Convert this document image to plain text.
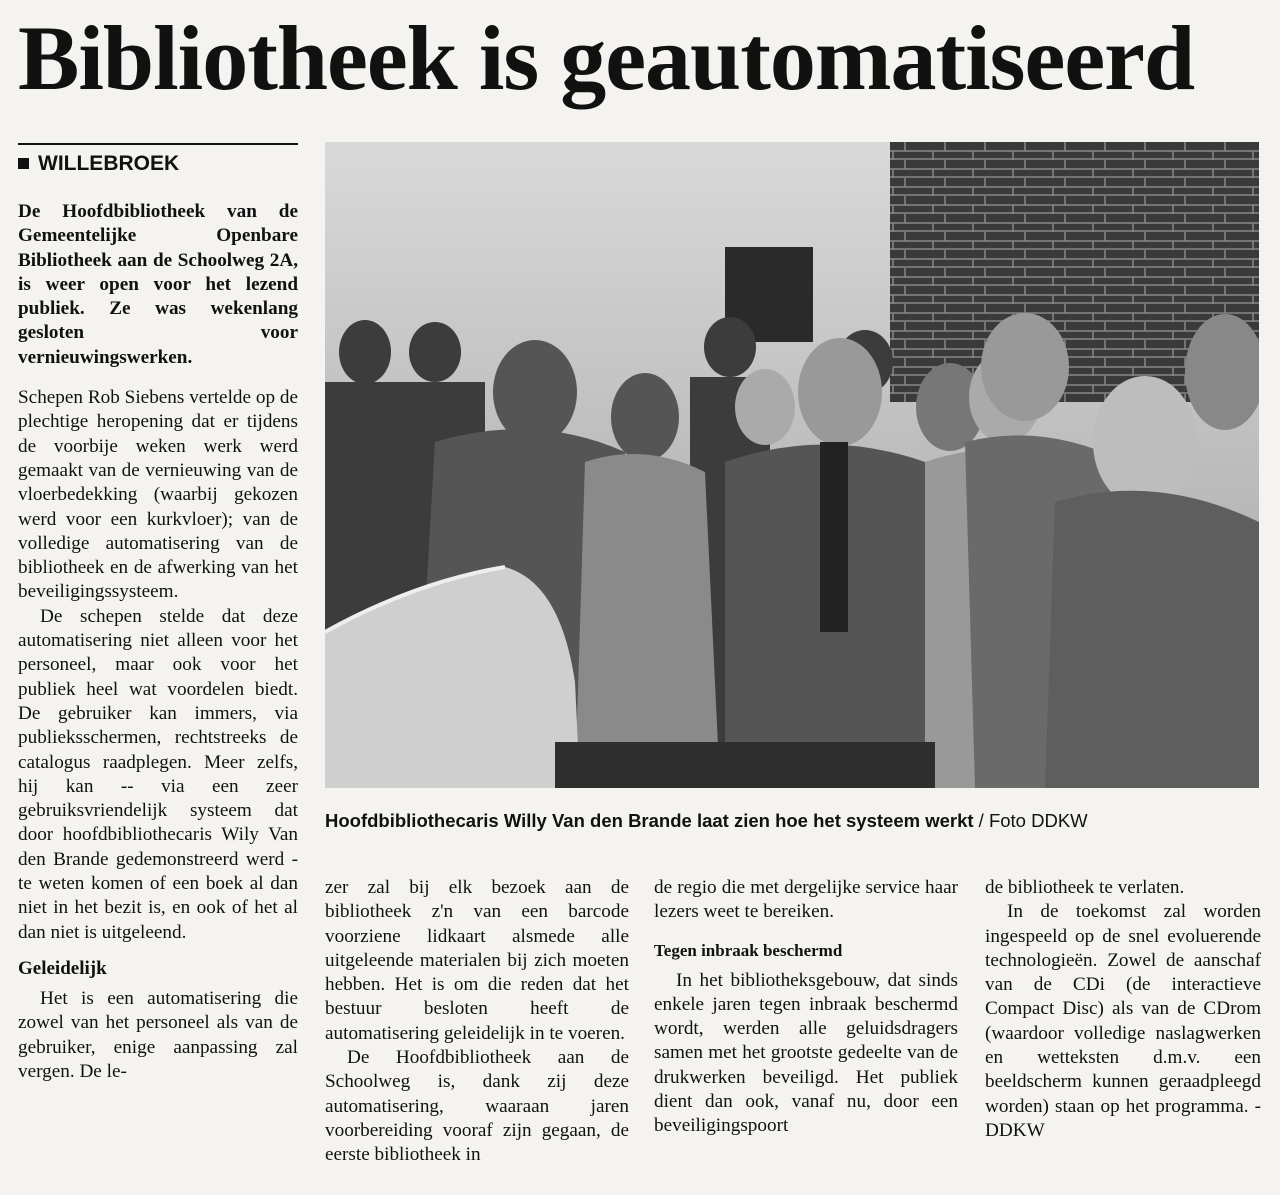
Bibliotheek is geautomatiseerd
WILLEBROEK

De Hoofdbibliotheek van de Gemeentelijke Openbare Bibliotheek aan de Schoolweg 2A, is weer open voor het lezend publiek. Ze was wekenlang gesloten voor vernieuwingswerken.

Schepen Rob Siebens vertelde op de plechtige heropening dat er tijdens de voorbije weken werk werd gemaakt van de vernieuwing van de vloerbedekking (waarbij gekozen werd voor een kurkvloer); van de volledige automatisering van de bibliotheek en de afwerking van het beveiligingssysteem.

De schepen stelde dat deze automatisering niet alleen voor het personeel, maar ook voor het publiek heel wat voordelen biedt. De gebruiker kan immers, via publieksschermen, rechtstreeks de catalogus raadplegen. Meer zelfs, hij kan -- via een zeer gebruiksvriendelijk systeem dat door hoofdbibliothecaris Wily Van den Brande gedemonstreerd werd - te weten komen of een boek al dan niet in het bezit is, en ook of het al dan niet is uitgeleend.

Geleidelijk

Het is een automatisering die zowel van het personeel als van de gebruiker, enige aanpassing zal vergen. De le-

Hoofdbibliothecaris Willy Van den Brande laat zien hoe het systeem werkt / Foto DDKW

zer zal bij elk bezoek aan de bibliotheek z'n van een barcode voorziene lidkaart alsmede alle uitgeleende materialen bij zich moeten hebben. Het is om die reden dat het bestuur besloten heeft de automatisering geleidelijk in te voeren.

De Hoofdbibliotheek aan de Schoolweg is, dank zij deze automatisering, waaraan jaren voorbereiding vooraf zijn gegaan, de eerste bibliotheek in

de regio die met dergelijke service haar lezers weet te bereiken.

Tegen inbraak beschermd

In het bibliotheksgebouw, dat sinds enkele jaren tegen inbraak beschermd wordt, werden alle geluidsdragers samen met het grootste gedeelte van de drukwerken beveiligd. Het publiek dient dan ook, vanaf nu, door een beveiligingspoort

de bibliotheek te verlaten.

In de toekomst zal worden ingespeeld op de snel evoluerende technologieën. Zowel de aanschaf van de CDi (de interactieve Compact Disc) als van de CDrom (waardoor volledige naslagwerken en wetteksten d.m.v. een beeldscherm kunnen geraadpleegd worden) staan op het programma. - DDKW
